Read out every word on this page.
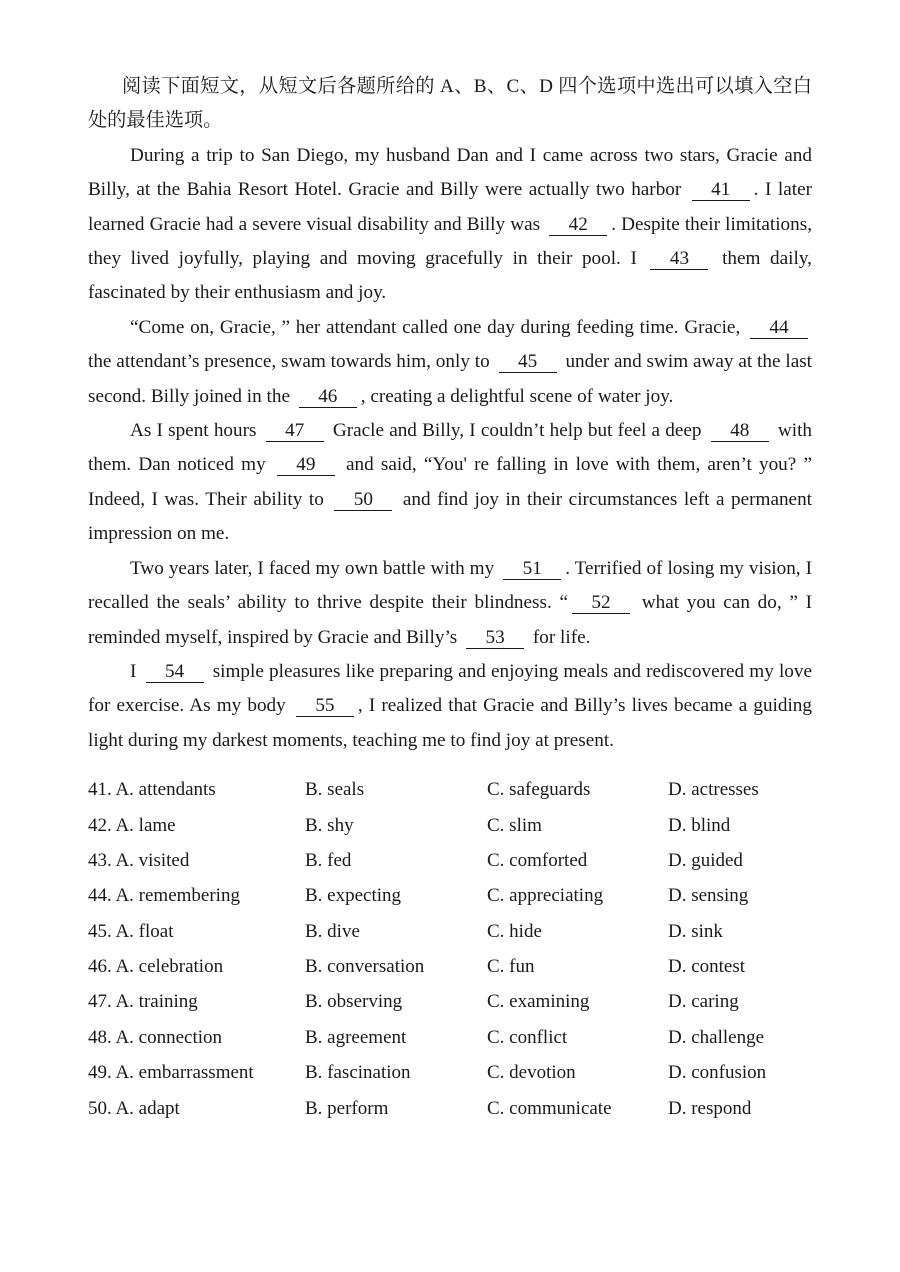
阅读下面短文，从短文后各题所给的 A、B、C、D 四个选项中选出可以填入空白处的最佳选项。

During a trip to San Diego, my husband Dan and I came across two stars, Gracie and Billy, at the Bahia Resort Hotel. Gracie and Billy were actually two harbor 41 . I later learned Gracie had a severe visual disability and Billy was 42 . Despite their limitations, they lived joyfully, playing and moving gracefully in their pool. I 43 them daily, fascinated by their enthusiasm and joy.

“Come on, Gracie, ” her attendant called one day during feeding time. Gracie, 44 the attendant’s presence, swam towards him, only to 45 under and swim away at the last second. Billy joined in the 46 , creating a delightful scene of water joy.

As I spent hours 47 Gracle and Billy, I couldn’t help but feel a deep 48 with them. Dan noticed my 49 and said, “You' re falling in love with them, aren’t you? ” Indeed, I was. Their ability to 50 and find joy in their circumstances left a permanent impression on me.

Two years later, I faced my own battle with my 51 . Terrified of losing my vision, I recalled the seals’ ability to thrive despite their blindness. “ 52 what you can do, ” I reminded myself, inspired by Gracie and Billy’s 53 for life.

I 54 simple pleasures like preparing and enjoying meals and rediscovered my love for exercise. As my body 55 , I realized that Gracie and Billy’s lives became a guiding light during my darkest moments, teaching me to find joy at present.

41. A. attendants	B. seals	C. safeguards	D. actresses
42. A. lame	B. shy	C. slim	D. blind
43. A. visited	B. fed	C. comforted	D. guided
44. A. remembering	B. expecting	C. appreciating	D. sensing
45. A. float	B. dive	C. hide	D. sink
46. A. celebration	B. conversation	C. fun	D. contest
47. A. training	B. observing	C. examining	D. caring
48. A. connection	B. agreement	C. conflict	D. challenge
49. A. embarrassment	B. fascination	C. devotion	D. confusion
50. A. adapt	B. perform	C. communicate	D. respond
